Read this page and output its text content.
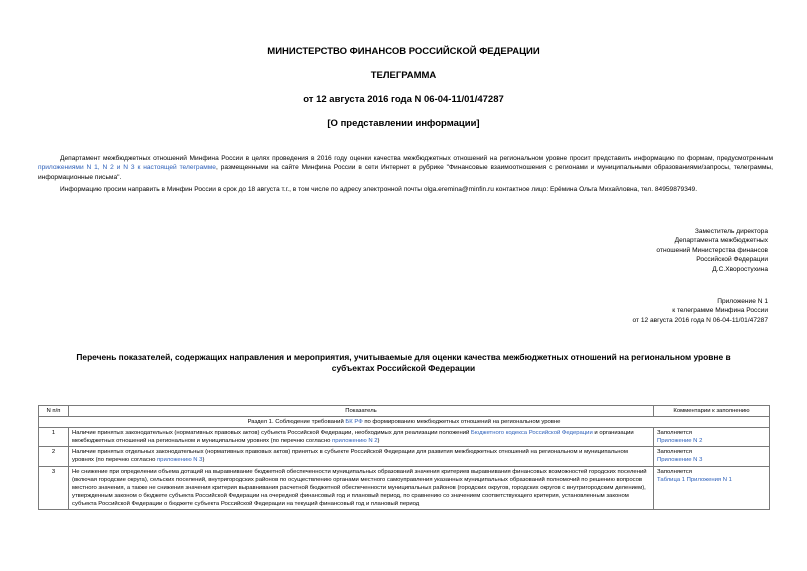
МИНИСТЕРСТВО ФИНАНСОВ РОССИЙСКОЙ ФЕДЕРАЦИИ
ТЕЛЕГРАММА
от 12 августа 2016 года N 06-04-11/01/47287
[О представлении информации]
Департамент межбюджетных отношений Минфина России в целях проведения в 2016 году оценки качества межбюджетных отношений на региональном уровне просит представить информацию по формам, предусмотренным приложениями N 1, N 2 и N 3 к настоящей телеграмме, размещенными на сайте Минфина России в сети Интернет в рубрике "Финансовые взаимоотношения с регионами и муниципальными образованиями/запросы, телеграммы, информационные письма".
Информацию просим направить в Минфин России в срок до 18 августа т.г., в том числе по адресу электронной почты olga.eremina@minfin.ru контактное лицо: Ерёмина Ольга Михайловна, тел. 84959879349.
Заместитель директора
Департамента межбюджетных
отношений Министерства финансов
Российской Федерации
Д.С.Хворостухина
Приложение N 1
к телеграмме Минфина России
от 12 августа 2016 года N 06-04-11/01/47287
Перечень показателей, содержащих направления и мероприятия, учитываемые для оценки качества межбюджетных отношений на региональном уровне в
субъектах Российской Федерации
N п/п	Показатель	Комментарии к заполнению
Раздел 1. Соблюдение требований БК РФ по формированию межбюджетных отношений на региональном уровне		
1	Наличие принятых законодательных (нормативных правовых актов) субъекта Российской Федерации, необходимых для реализации положений Бюджетного кодекса Российской Федерации и организации межбюджетных отношений на региональном и муниципальном уровнях (по перечню согласно приложению N 2)	Заполняется
Приложение N 2

2	Наличие принятых отдельных законодательных (нормативных правовых актов) принятых в субъекте Российской Федерации для развития межбюджетных отношений на региональном и муниципальном уровнях (по перечню согласно приложению N 3)	Заполняется
Приложение N 3

3	Не снижение при определении объема дотаций на выравнивание бюджетной обеспеченности муниципальных образований значения критериев выравнивания финансовых возможностей городских поселений (включая городские округа), сельских поселений, внутригородских районов по осуществлению органами местного самоуправления указанных муниципальных образований полномочий по решению вопросов местного значения, а также не снижения значения критерия выравнивания расчетной бюджетной обеспеченности муниципальных районов (городских округов, городских округов с внутригородским делением), утвержденным законом о бюджете субъекта Российской Федерации на очередной финансовый год и плановый период, по сравнению со значением соответствующего критерия, установленным законом субъекта Российской Федерации о бюджете субъекта Российской Федерации на текущий финансовый год и плановый период	Заполняется
Таблица 1 Приложения N 1
